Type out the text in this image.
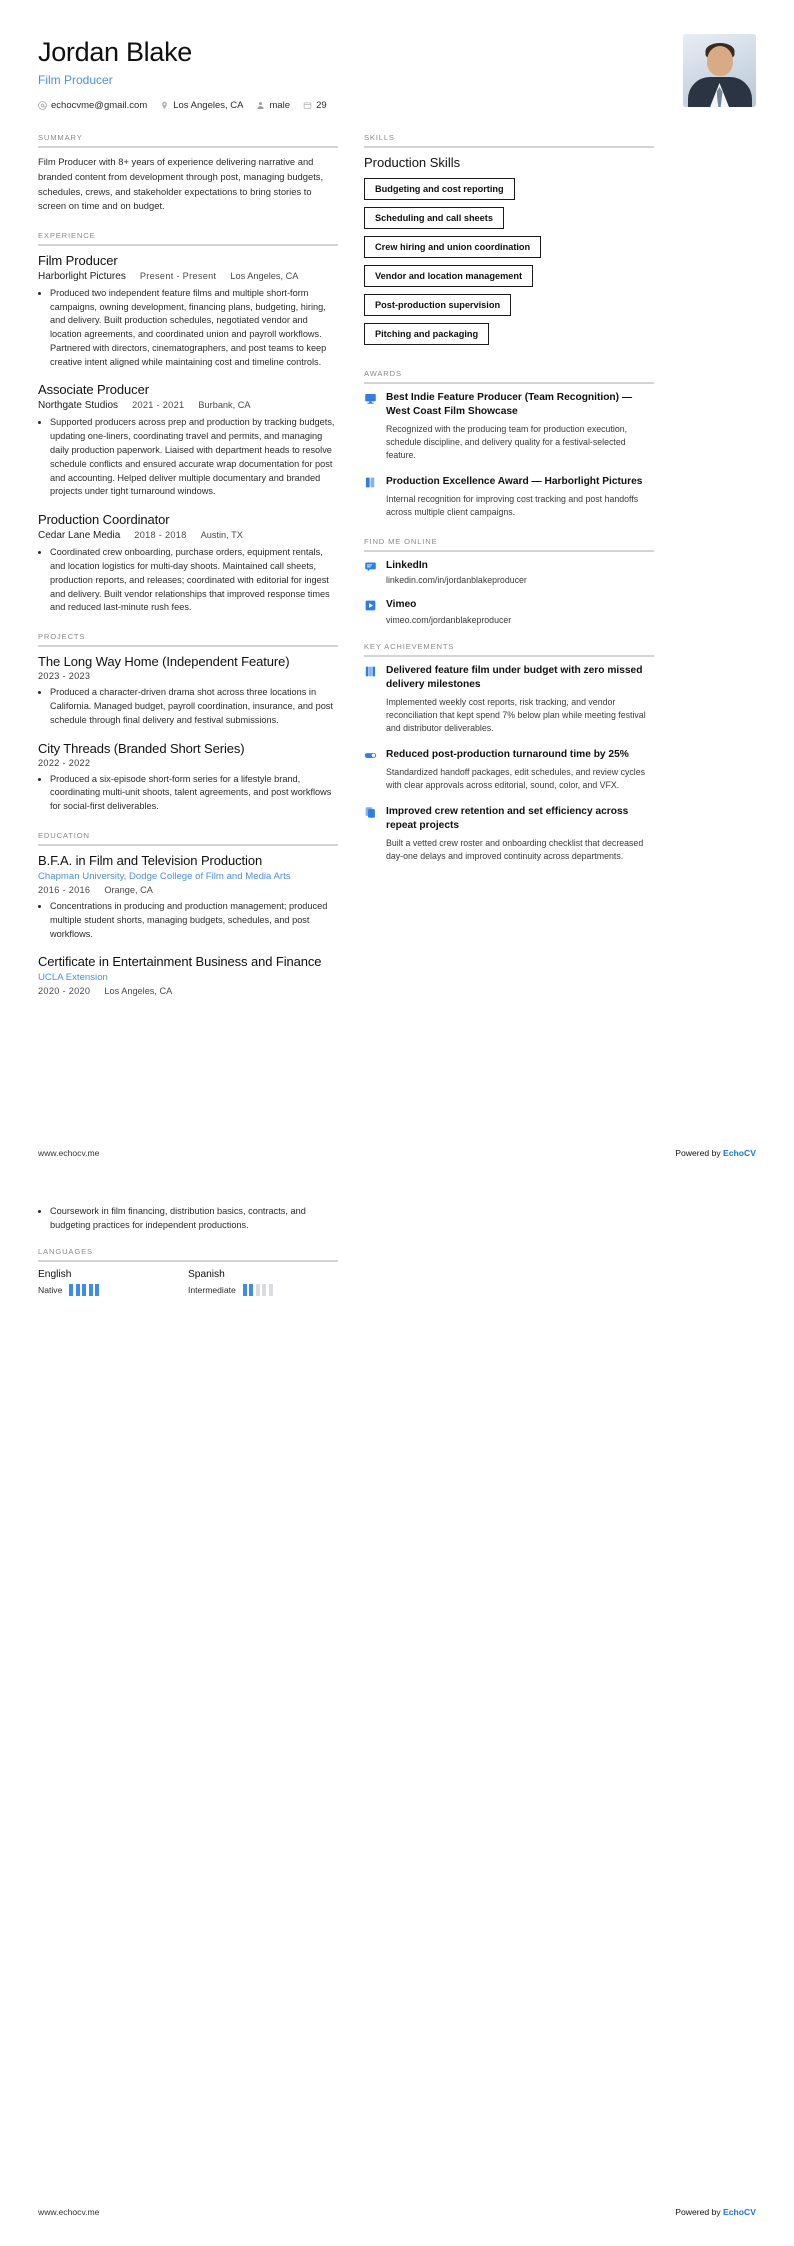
Jordan Blake
Film Producer
echocvme@gmail.com	Los Angeles, CA	male	29
SUMMARY
Film Producer with 8+ years of experience delivering narrative and branded content from development through post, managing budgets, schedules, crews, and stakeholder expectations to bring stories to screen on time and on budget.
EXPERIENCE
Film Producer
Harborlight Pictures Present - Present Los Angeles, CA
• Produced two independent feature films and multiple short-form campaigns, owning development, financing plans, budgeting, hiring, and delivery. Built production schedules, negotiated vendor and location agreements, and coordinated union and payroll workflows. Partnered with directors, cinematographers, and post teams to keep creative intent aligned while maintaining cost and timeline controls.
Associate Producer
Northgate Studios 2021 - 2021 Burbank, CA
• Supported producers across prep and production by tracking budgets, updating one-liners, coordinating travel and permits, and managing daily production paperwork. Liaised with department heads to resolve schedule conflicts and ensured accurate wrap documentation for post and accounting. Helped deliver multiple documentary and branded projects under tight turnaround windows.
Production Coordinator
Cedar Lane Media 2018 - 2018 Austin, TX
• Coordinated crew onboarding, purchase orders, equipment rentals, and location logistics for multi-day shoots. Maintained call sheets, production reports, and releases; coordinated with editorial for ingest and delivery. Built vendor relationships that improved response times and reduced last-minute rush fees.
PROJECTS
The Long Way Home (Independent Feature)
2023 - 2023
• Produced a character-driven drama shot across three locations in California. Managed budget, payroll coordination, insurance, and post schedule through final delivery and festival submissions.
City Threads (Branded Short Series)
2022 - 2022
• Produced a six-episode short-form series for a lifestyle brand, coordinating multi-unit shoots, talent agreements, and post workflows for social-first deliverables.
EDUCATION
B.F.A. in Film and Television Production
Chapman University, Dodge College of Film and Media Arts
2016 - 2016 Orange, CA
• Concentrations in producing and production management; produced multiple student shorts, managing budgets, schedules, and post workflows.
Certificate in Entertainment Business and Finance
UCLA Extension
2020 - 2020 Los Angeles, CA
SKILLS
Production Skills
Budgeting and cost reporting
Scheduling and call sheets
Crew hiring and union coordination
Vendor and location management
Post-production supervision
Pitching and packaging
AWARDS
Best Indie Feature Producer (Team Recognition) — West Coast Film Showcase
Recognized with the producing team for production execution, schedule discipline, and delivery quality for a festival-selected feature.
Production Excellence Award — Harborlight Pictures
Internal recognition for improving cost tracking and post handoffs across multiple client campaigns.
FIND ME ONLINE
LinkedIn
linkedin.com/in/jordanblakeproducer
Vimeo
vimeo.com/jordanblakeproducer
KEY ACHIEVEMENTS
Delivered feature film under budget with zero missed delivery milestones
Implemented weekly cost reports, risk tracking, and vendor reconciliation that kept spend 7% below plan while meeting festival and distributor deliverables.
Reduced post-production turnaround time by 25%
Standardized handoff packages, edit schedules, and review cycles with clear approvals across editorial, sound, color, and VFX.
Improved crew retention and set efficiency across repeat projects
Built a vetted crew roster and onboarding checklist that decreased day-one delays and improved continuity across departments.
www.echocv.me	Powered by EchoCV
• Coursework in film financing, distribution basics, contracts, and budgeting practices for independent productions.
LANGUAGES
English
Native
Spanish
Intermediate
www.echocv.me	Powered by EchoCV
